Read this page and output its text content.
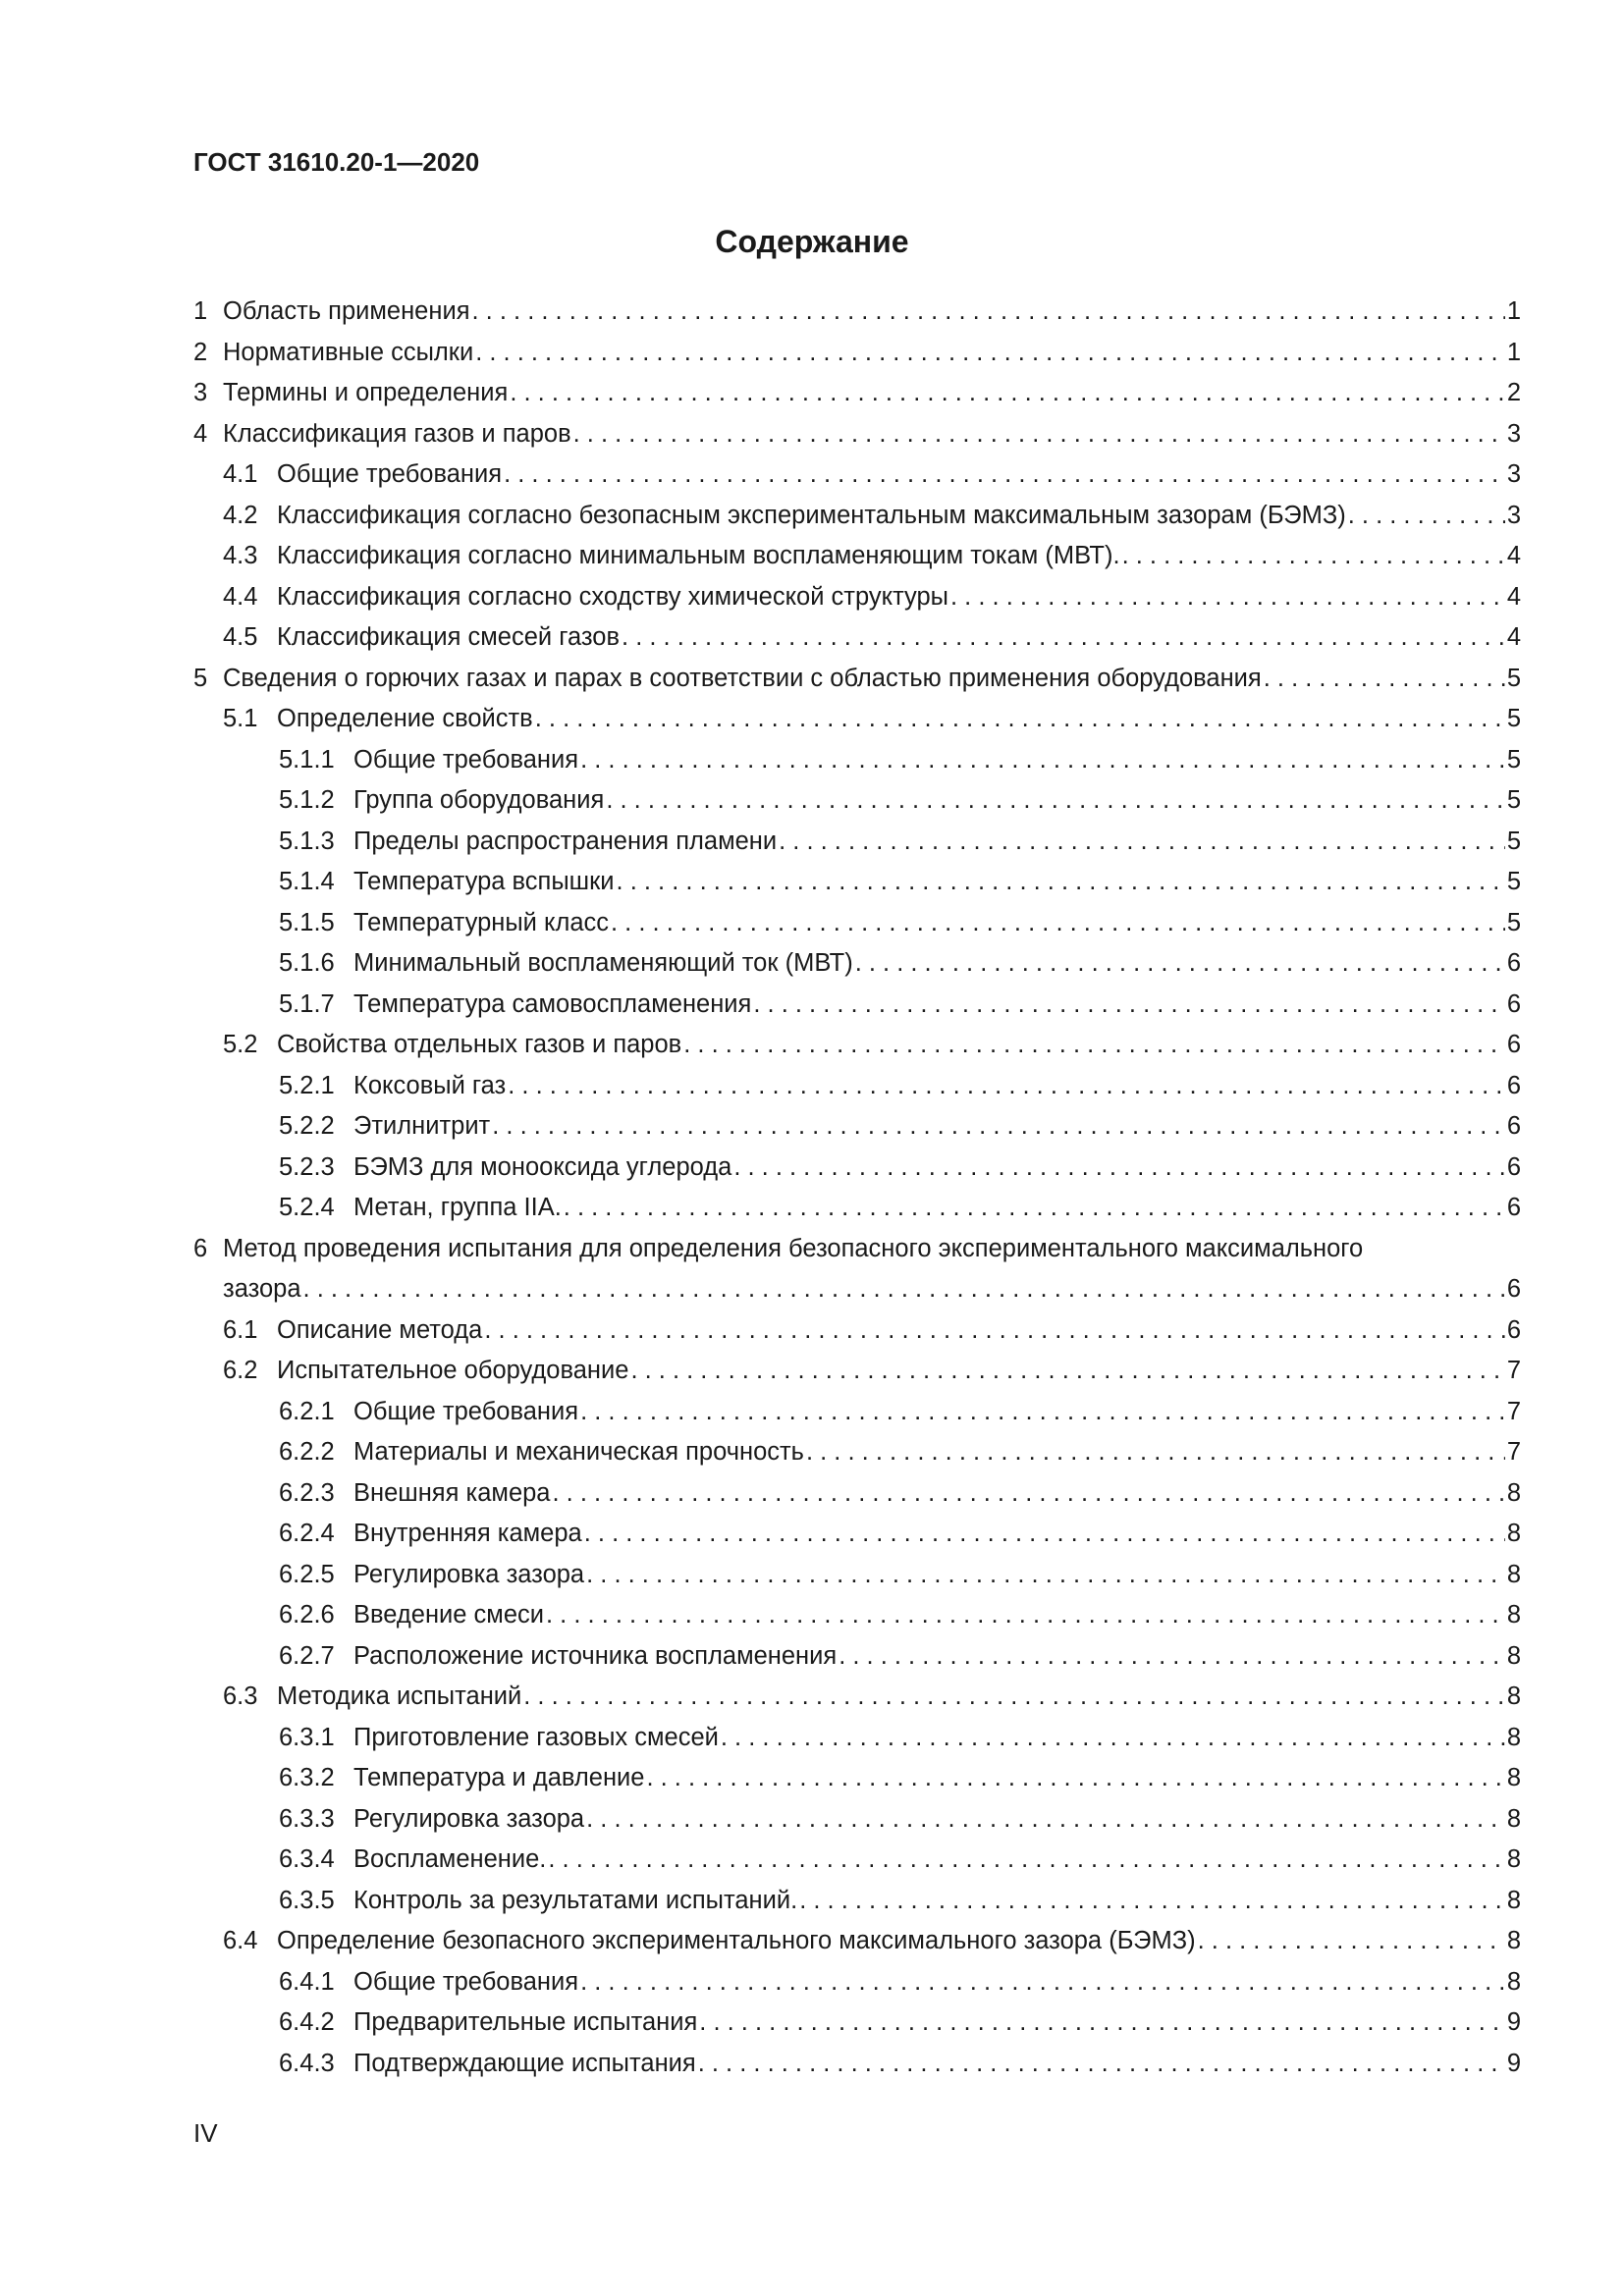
ГОСТ 31610.20-1—2020
Содержание
1 Область применения . . .	1
2 Нормативные ссылки . . .	1
3 Термины и определения . . .	2
4 Классификация газов и паров . . .	3
4.1 Общие требования . . .	3
4.2 Классификация согласно безопасным экспериментальным максимальным зазорам (БЭМЗ) . . .	3
4.3 Классификация согласно минимальным воспламеняющим токам (МВТ). . . .	4
4.4 Классификация согласно сходству химической структуры . . .	4
4.5 Классификация смесей газов . . .	4
5 Сведения о горючих газах и парах в соответствии с областью применения оборудования . . .	5
5.1 Определение свойств . . .	5
5.1.1 Общие требования . . .	5
5.1.2 Группа оборудования . . .	5
5.1.3 Пределы распространения пламени . . .	5
5.1.4 Температура вспышки . . .	5
5.1.5 Температурный класс . . .	5
5.1.6 Минимальный воспламеняющий ток (МВТ) . . .	6
5.1.7 Температура самовоспламенения . . .	6
5.2 Свойства отдельных газов и паров . . .	6
5.2.1 Коксовый газ . . .	6
5.2.2 Этилнитрит . . .	6
5.2.3 БЭМЗ для монооксида углерода . . .	6
5.2.4 Метан, группа IIA. . . .	6
6 Метод проведения испытания для определения безопасного экспериментального максимального
зазора . . .	6
6.1 Описание метода . . .	6
6.2 Испытательное оборудование . . .	7
6.2.1 Общие требования . . .	7
6.2.2 Материалы и механическая прочность . . .	7
6.2.3 Внешняя камера . . .	8
6.2.4 Внутренняя камера . . .	8
6.2.5 Регулировка зазора . . .	8
6.2.6 Введение смеси . . .	8
6.2.7 Расположение источника воспламенения . . .	8
6.3 Методика испытаний . . .	8
6.3.1 Приготовление газовых смесей . . .	8
6.3.2 Температура и давление . . .	8
6.3.3 Регулировка зазора . . .	8
6.3.4 Воспламенение. . . .	8
6.3.5 Контроль за результатами испытаний. . . .	8
6.4 Определение безопасного экспериментального максимального зазора (БЭМЗ) . . .	8
6.4.1 Общие требования . . .	8
6.4.2 Предварительные испытания . . .	9
6.4.3 Подтверждающие испытания . . .	9
IV
